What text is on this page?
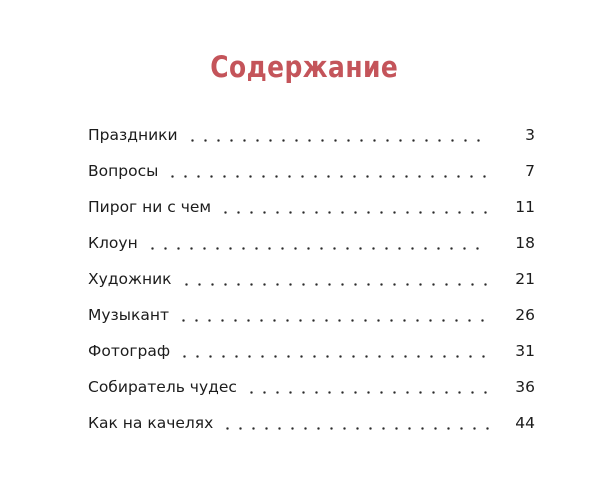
Содержание
Праздники	3
Вопросы	7
Пирог ни с чем	11
Клоун	18
Художник	21
Музыкант	26
Фотограф	31
Собиратель чудес	36
Как на качелях	44
